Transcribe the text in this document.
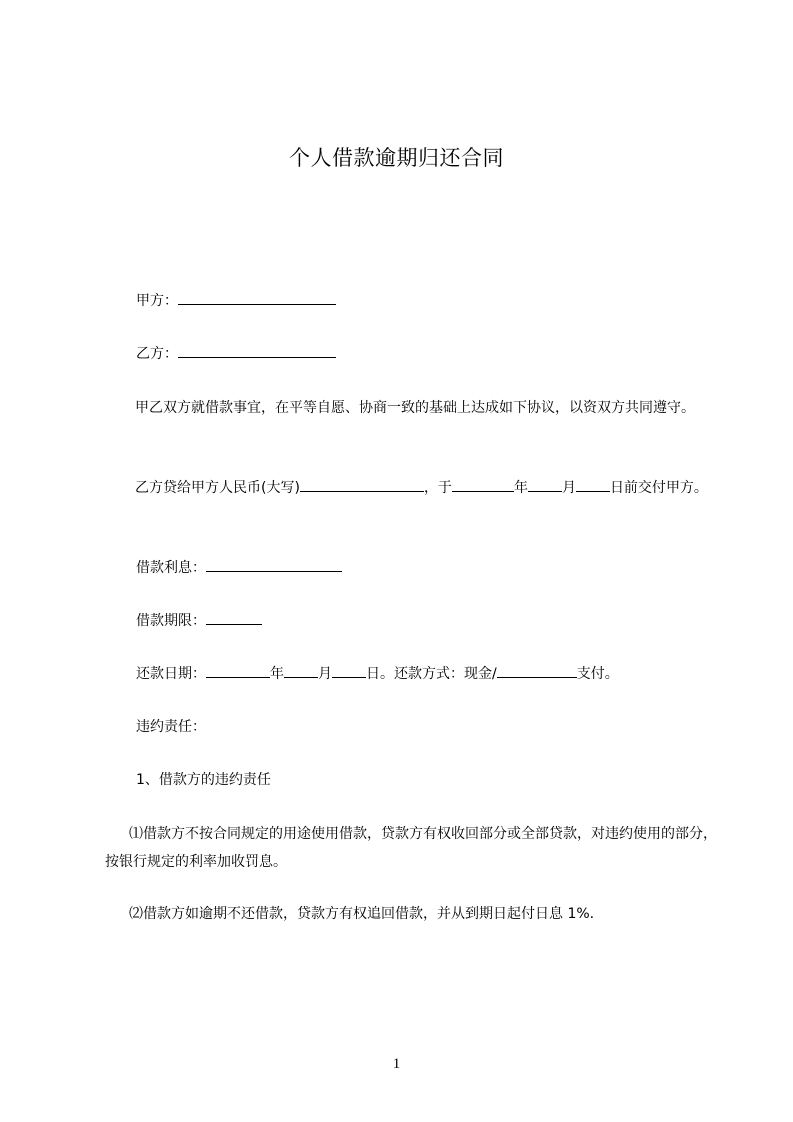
个人借款逾期归还合同
甲方：
乙方：
甲乙双方就借款事宜，在平等自愿、协商一致的基础上达成如下协议，以资双方共同遵守。
乙方贷给甲方人民币(大写)	，于	年 月 日前交付甲方。
借款利息：
借款期限：
还款日期：	年 月 日。还款方式：现金/	支付。
违约责任：
1、借款方的违约责任
⑴借款方不按合同规定的用途使用借款，贷款方有权收回部分或全部贷款，对违约使用的部分，按银行规定的利率加收罚息。
⑵借款方如逾期不还借款，贷款方有权追回借款，并从到期日起付日息 1%.
1
